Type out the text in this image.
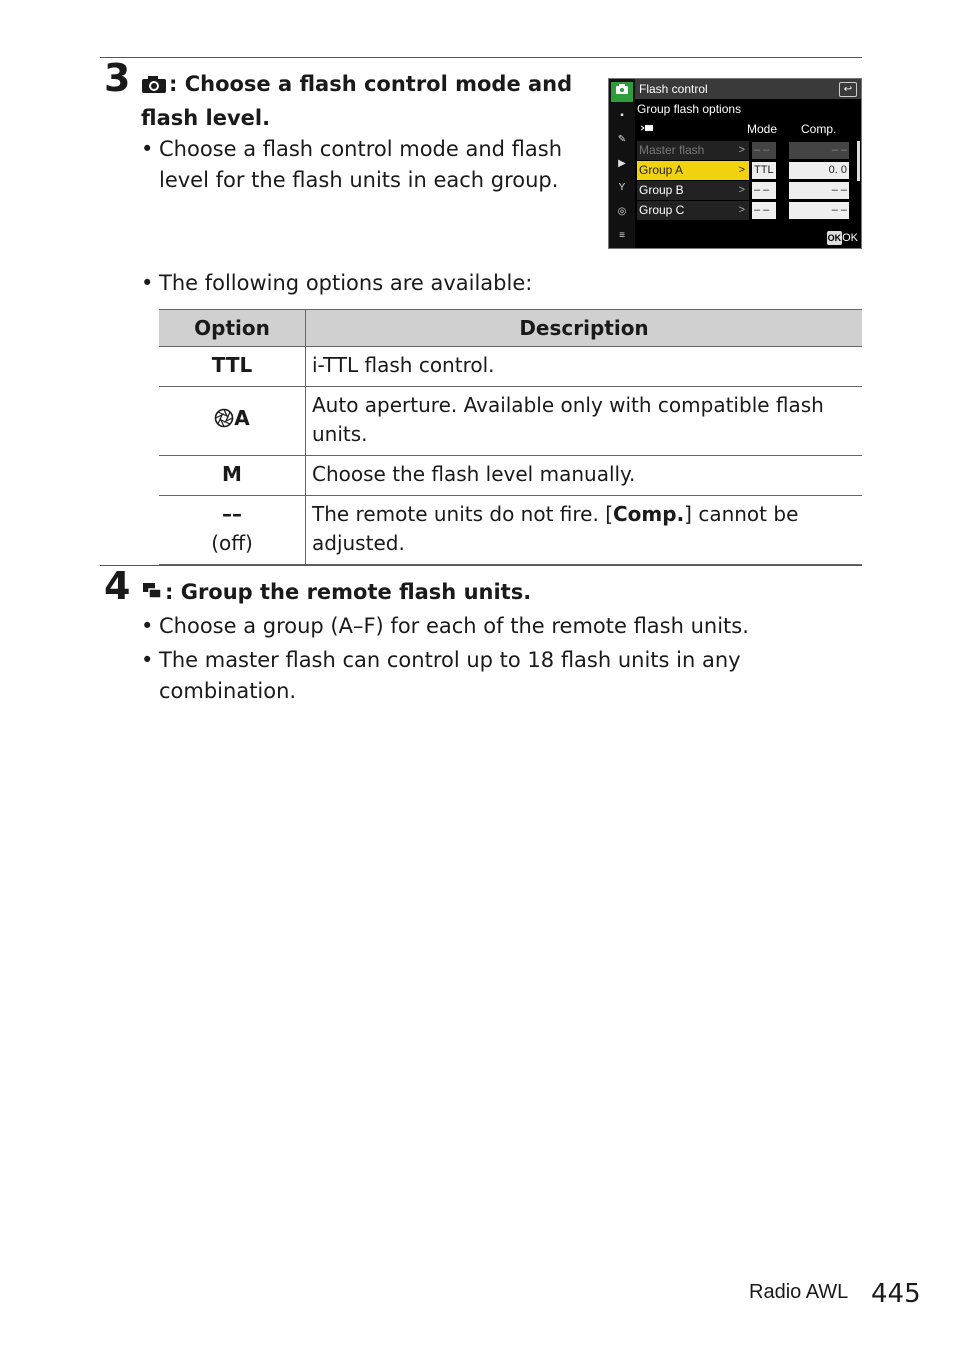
3	: Choose a flash control mode and
flash level.
• Choose a flash control mode and flash
level for the flash units in each group.
▪
✎
▶
Y
◎
≡
Flash control	↩
Group flash options
Mode Comp.
Master flash	> – –	– –
Group A	> TTL	0. 0
Group B	> – –	– –
Group C	> – –	– –
OKOK
• The following options are available:
Option	Description
TTL	i-TTL flash control.
A	Auto aperture. Available only with compatible flash units.
M	Choose the flash level manually.
––
(off)	The remote units do not fire. [Comp.] cannot be adjusted.
4	: Group the remote flash units.
• Choose a group (A–F) for each of the remote flash units.
• The master flash can control up to 18 flash units in any
combination.
Radio AWL 445
